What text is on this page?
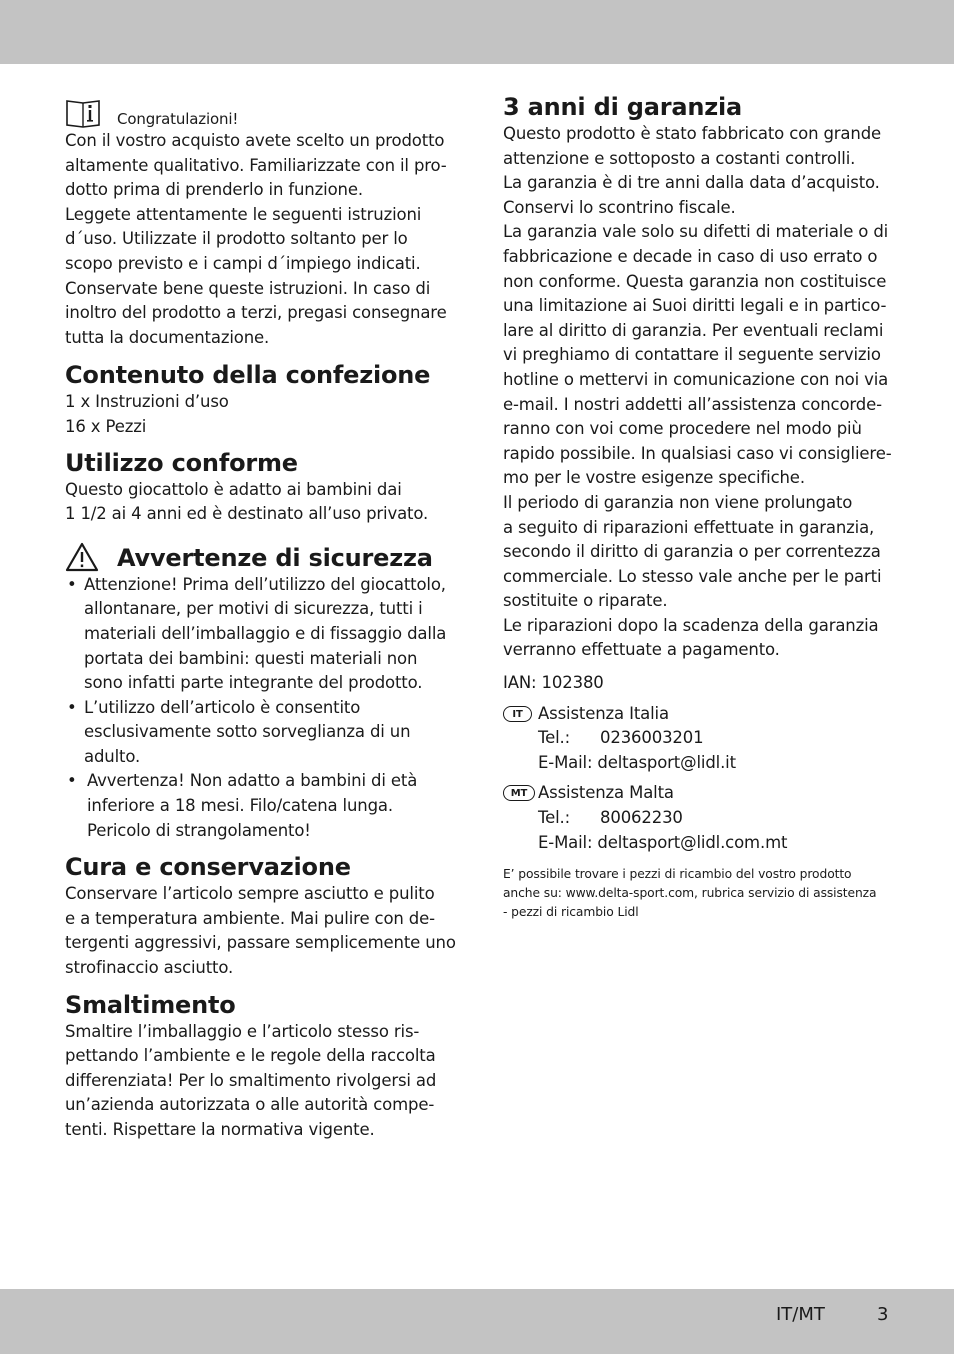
Congratulazioni!
Con il vostro acquisto avete scelto un prodotto
altamente qualitativo. Familiarizzate con il pro-
dotto prima di prenderlo in funzione.
Leggete attentamente le seguenti istruzioni
d´uso. Utilizzate il prodotto soltanto per lo
scopo previsto e i campi d´impiego indicati.
Conservate bene queste istruzioni. In caso di
inoltro del prodotto a terzi, pregasi consegnare
tutta la documentazione.
Contenuto della confezione
1 x Instruzioni d’uso
16 x Pezzi
Utilizzo conforme
Questo giocattolo è adatto ai bambini dai
1 1/2 ai 4 anni ed è destinato all’uso privato.
Avvertenze di sicurezza
• Attenzione! Prima dell’utilizzo del giocattolo,
allontanare, per motivi di sicurezza, tutti i
materiali dell’imballaggio e di fissaggio dalla
portata dei bambini: questi materiali non
sono infatti parte integrante del prodotto.
• L’utilizzo dell’articolo è consentito
esclusivamente sotto sorveglianza di un
adulto.
• Avvertenza! Non adatto a bambini di età
inferiore a 18 mesi. Filo/catena lunga.
Pericolo di strangolamento!
Cura e conservazione
Conservare l’articolo sempre asciutto e pulito
e a temperatura ambiente. Mai pulire con de-
tergenti aggressivi, passare semplicemente uno
strofinaccio asciutto.
Smaltimento
Smaltire l’imballaggio e l’articolo stesso ris-
pettando l’ambiente e le regole della raccolta
differenziata! Per lo smaltimento rivolgersi ad
un’azienda autorizzata o alle autorità compe-
tenti. Rispettare la normativa vigente.
3 anni di garanzia
Questo prodotto è stato fabbricato con grande
attenzione e sottoposto a costanti controlli.
La garanzia è di tre anni dalla data d’acquisto.
Conservi lo scontrino fiscale.
La garanzia vale solo su difetti di materiale o di
fabbricazione e decade in caso di uso errato o
non conforme. Questa garanzia non costituisce
una limitazione ai Suoi diritti legali e in partico-
lare al diritto di garanzia. Per eventuali reclami
vi preghiamo di contattare il seguente servizio
hotline o mettervi in comunicazione con noi via
e-mail. I nostri addetti all’assistenza concorde-
ranno con voi come procedere nel modo più
rapido possibile. In qualsiasi caso vi consigliere-
mo per le vostre esigenze specifiche.
Il periodo di garanzia non viene prolungato
a seguito di riparazioni effettuate in garanzia,
secondo il diritto di garanzia o per correntezza
commerciale. Lo stesso vale anche per le parti
sostituite o riparate.
Le riparazioni dopo la scadenza della garanzia
verranno effettuate a pagamento.
IAN: 102380
IT Assistenza Italia
Tel.: 0236003201
E-Mail: deltasport@lidl.it
MT Assistenza Malta
Tel.: 80062230
E-Mail: deltasport@lidl.com.mt
E’ possibile trovare i pezzi di ricambio del vostro prodotto
anche su: www.delta-sport.com, rubrica servizio di assistenza
- pezzi di ricambio Lidl
IT/MT	3
